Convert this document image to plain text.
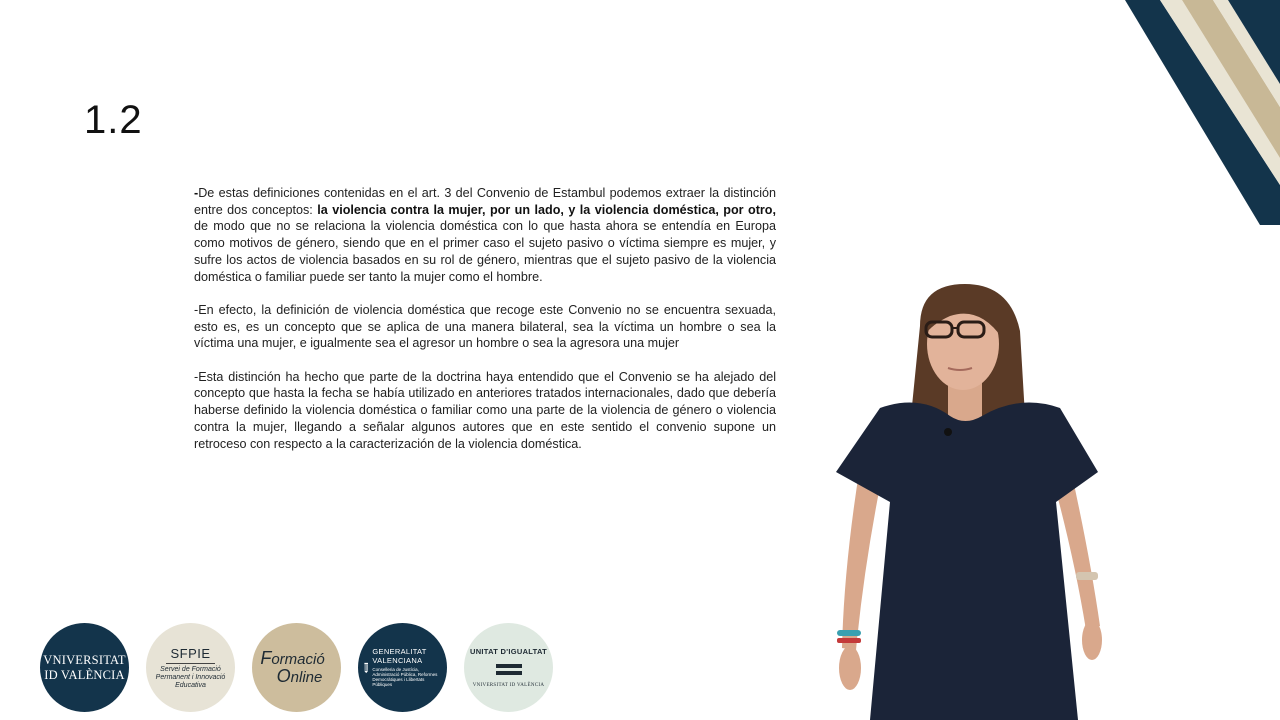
1.2

-De estas definiciones contenidas en el art. 3 del Convenio de Estambul podemos extraer la distinción entre dos conceptos: la violencia contra la mujer, por un lado, y la violencia doméstica, por otro, de modo que no se relaciona la violencia doméstica con lo que hasta ahora se entendía en Europa como motivos de género, siendo que en el primer caso el sujeto pasivo o víctima siempre es mujer, y sufre los actos de violencia basados en su rol de género, mientras que el sujeto pasivo de la violencia doméstica o familiar puede ser tanto la mujer como el hombre.

-En efecto, la definición de violencia doméstica que recoge este Convenio no se encuentra sexuada, esto es, es un concepto que se aplica de una manera bilateral, sea la víctima un hombre o sea la víctima una mujer, e igualmente sea el agresor un hombre o sea la agresora una mujer

-Esta distinción ha hecho que parte de la doctrina haya entendido que el Convenio se ha alejado del concepto que hasta la fecha se había utilizado en anteriores tratados internacionales, dado que debería haberse definido la violencia doméstica o familiar como una parte de la violencia de género o violencia contra la mujer, llegando a señalar algunos autores que en este sentido el convenio supone un retroceso con respecto a la caracterización de la violencia doméstica.

VNIVERSITAT
ID VALÈNCIA
SFPIE
Servei de Formació Permanent i Innovació Educativa
Formació
Online
GENERALITAT
VALENCIANA
Conselleria de Justícia, Administració Pública, Reformes Democràtiques i Llibertats Públiques
UNITAT D'IGUALTAT
VNIVERSITAT ID VALÈNCIA
